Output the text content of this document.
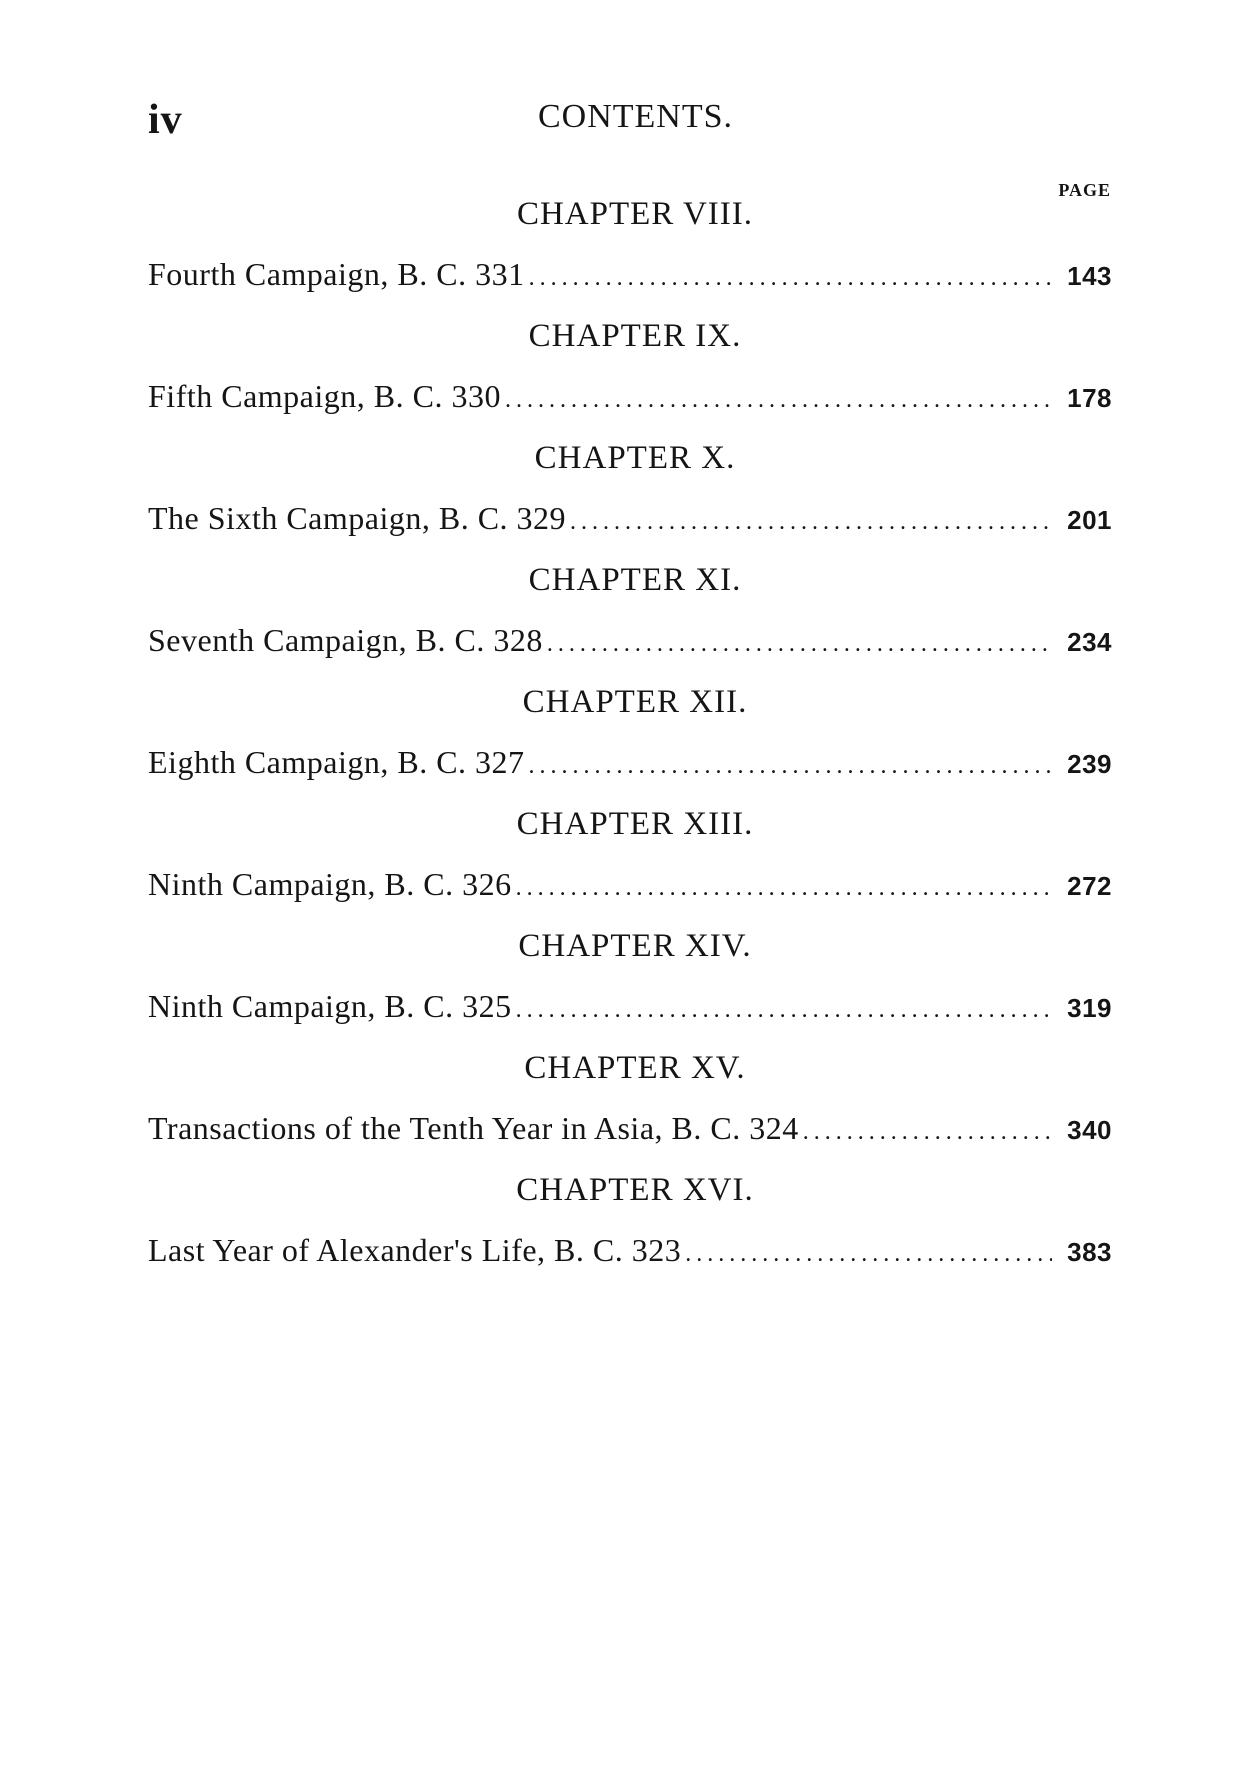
iv	CONTENTS.
PAGE
CHAPTER VIII.
Fourth Campaign, B. C. 331 .....	143
CHAPTER IX.
Fifth Campaign, B. C. 330 .....	178
CHAPTER X.
The Sixth Campaign, B. C. 329 .....	201
CHAPTER XI.
Seventh Campaign, B. C. 328 .....	234
CHAPTER XII.
Eighth Campaign, B. C. 327 .....	239
CHAPTER XIII.
Ninth Campaign, B. C. 326 .....	272
CHAPTER XIV.
Ninth Campaign, B. C. 325 .....	319
CHAPTER XV.
Transactions of the Tenth Year in Asia, B. C. 324 .....	340
CHAPTER XVI.
Last Year of Alexander's Life, B. C. 323 .....	383
